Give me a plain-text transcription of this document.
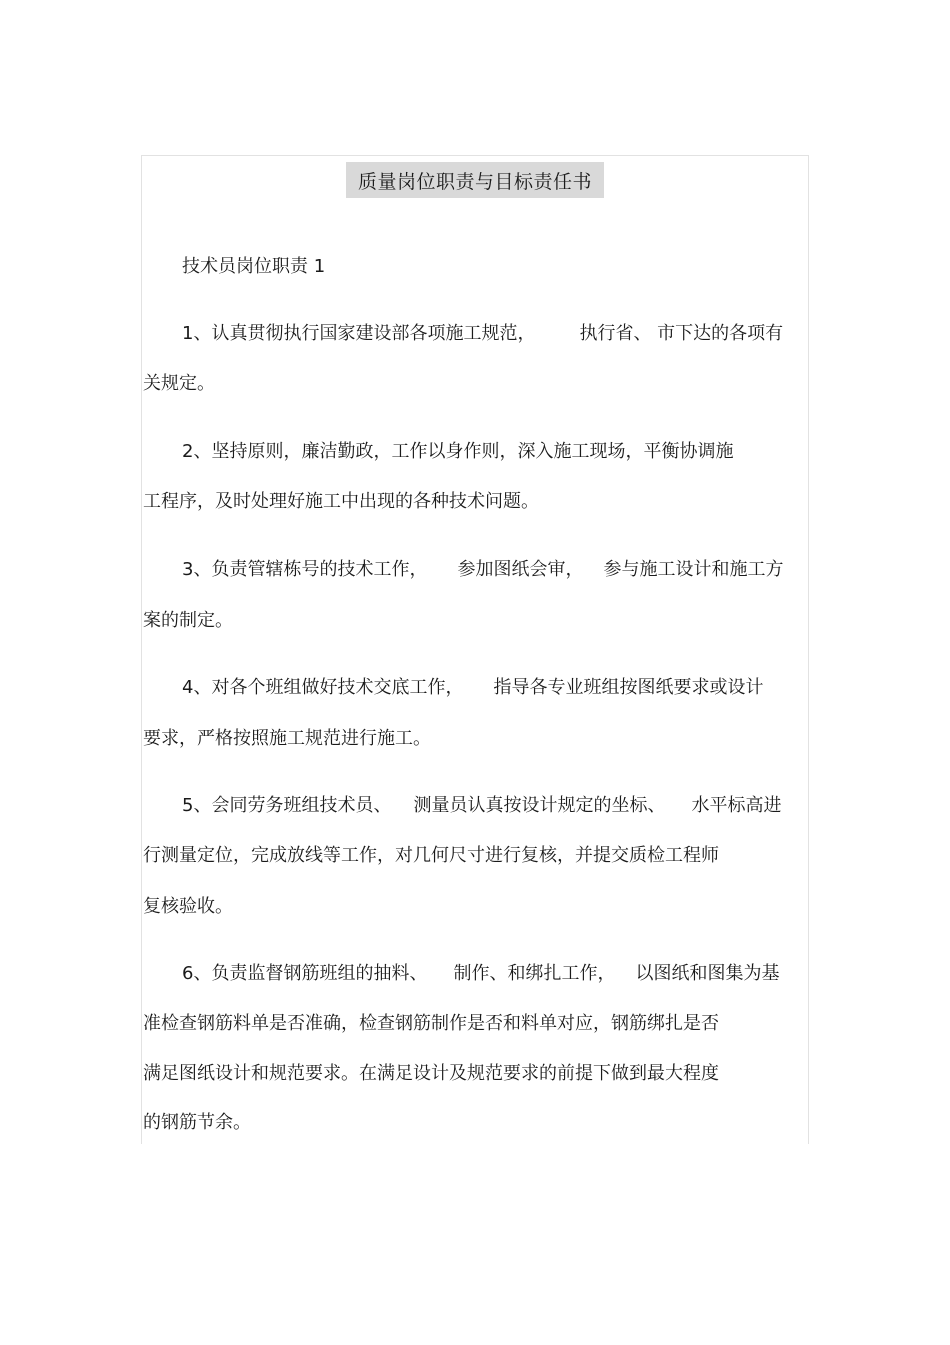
质量岗位职责与目标责任书
技术员岗位职责 1
1、认真贯彻执行国家建设部各项施工规范， 执行省、 市下达的各项有
关规定。
2、坚持原则，廉洁勤政，工作以身作则，深入施工现场，平衡协调施
工程序，及时处理好施工中出现的各种技术问题。
3、负责管辖栋号的技术工作， 参加图纸会审， 参与施工设计和施工方
案的制定。
4、对各个班组做好技术交底工作， 指导各专业班组按图纸要求或设计
要求，严格按照施工规范进行施工。
5、会同劳务班组技术员、 测量员认真按设计规定的坐标、 水平标高进
行测量定位，完成放线等工作，对几何尺寸进行复核，并提交质检工程师
复核验收。
6、负责监督钢筋班组的抽料、 制作、和绑扎工作， 以图纸和图集为基
准检查钢筋料单是否准确，检查钢筋制作是否和料单对应，钢筋绑扎是否
满足图纸设计和规范要求。在满足设计及规范要求的前提下做到最大程度
的钢筋节余。
